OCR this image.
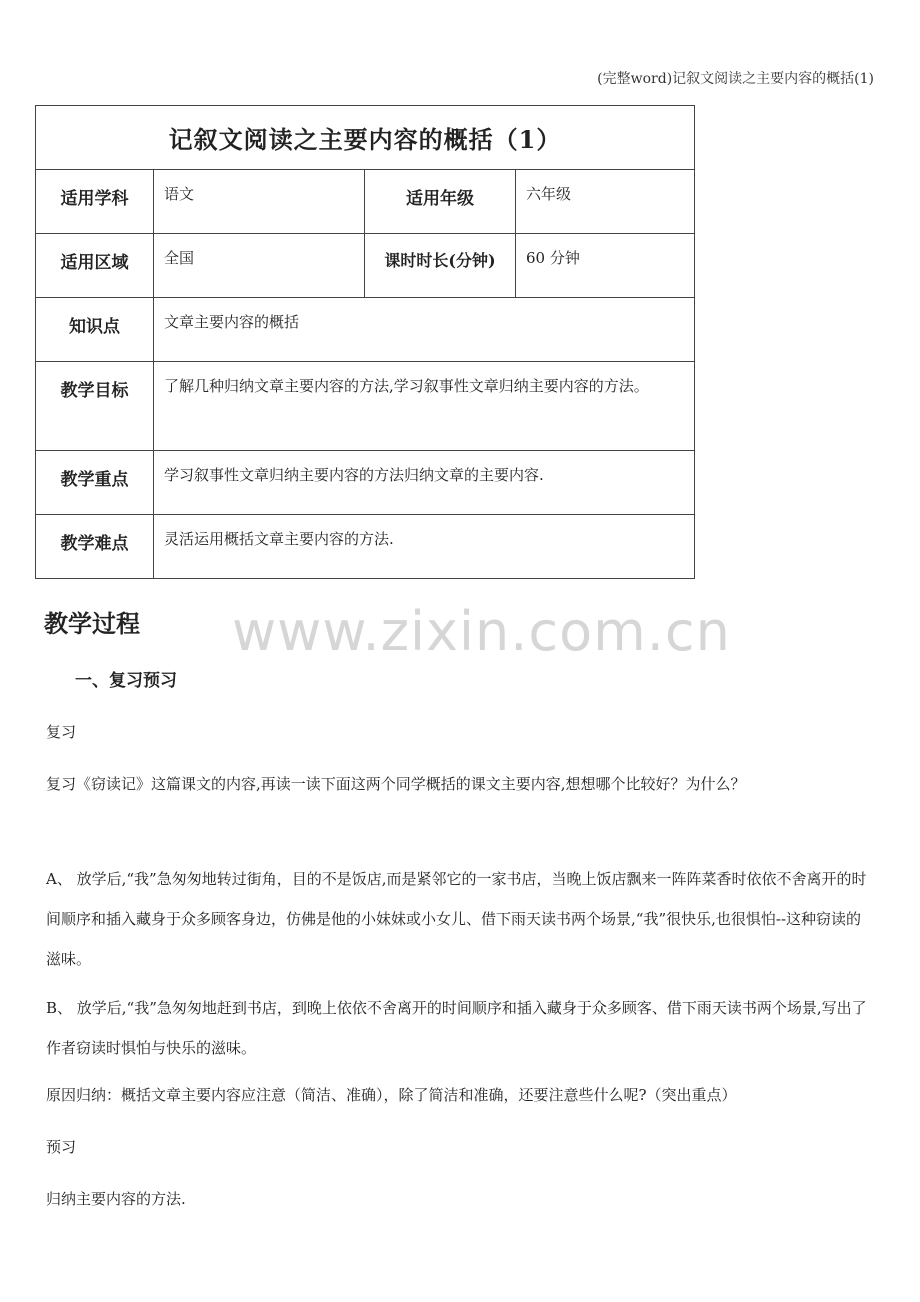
(完整word)记叙文阅读之主要内容的概括(1)
记叙文阅读之主要内容的概括（1）			
适用学科	语文	适用年级	六年级
适用区域	全国	课时时长(分钟)	60 分钟
知识点	文章主要内容的概括		
教学目标	了解几种归纳文章主要内容的方法,学习叙事性文章归纳主要内容的方法。		
教学重点	学习叙事性文章归纳主要内容的方法归纳文章的主要内容.		
教学难点	灵活运用概括文章主要内容的方法.		
www.zixin.com.cn
教学过程
一、复习预习
复习
复习《窃读记》这篇课文的内容,再读一读下面这两个同学概括的课文主要内容,想想哪个比较好？为什么？
A、 放学后,“我”急匆匆地转过街角，目的不是饭店,而是紧邻它的一家书店，当晚上饭店飘来一阵阵菜香时依依不舍离开的时间顺序和插入藏身于众多顾客身边，仿佛是他的小妹妹或小女儿、借下雨天读书两个场景,“我”很快乐,也很惧怕--这种窃读的滋味。
B、 放学后,“我”急匆匆地赶到书店，到晚上依依不舍离开的时间顺序和插入藏身于众多顾客、借下雨天读书两个场景,写出了作者窃读时惧怕与快乐的滋味。
原因归纳：概括文章主要内容应注意（简洁、准确），除了简洁和准确，还要注意些什么呢?（突出重点）
预习
归纳主要内容的方法.
